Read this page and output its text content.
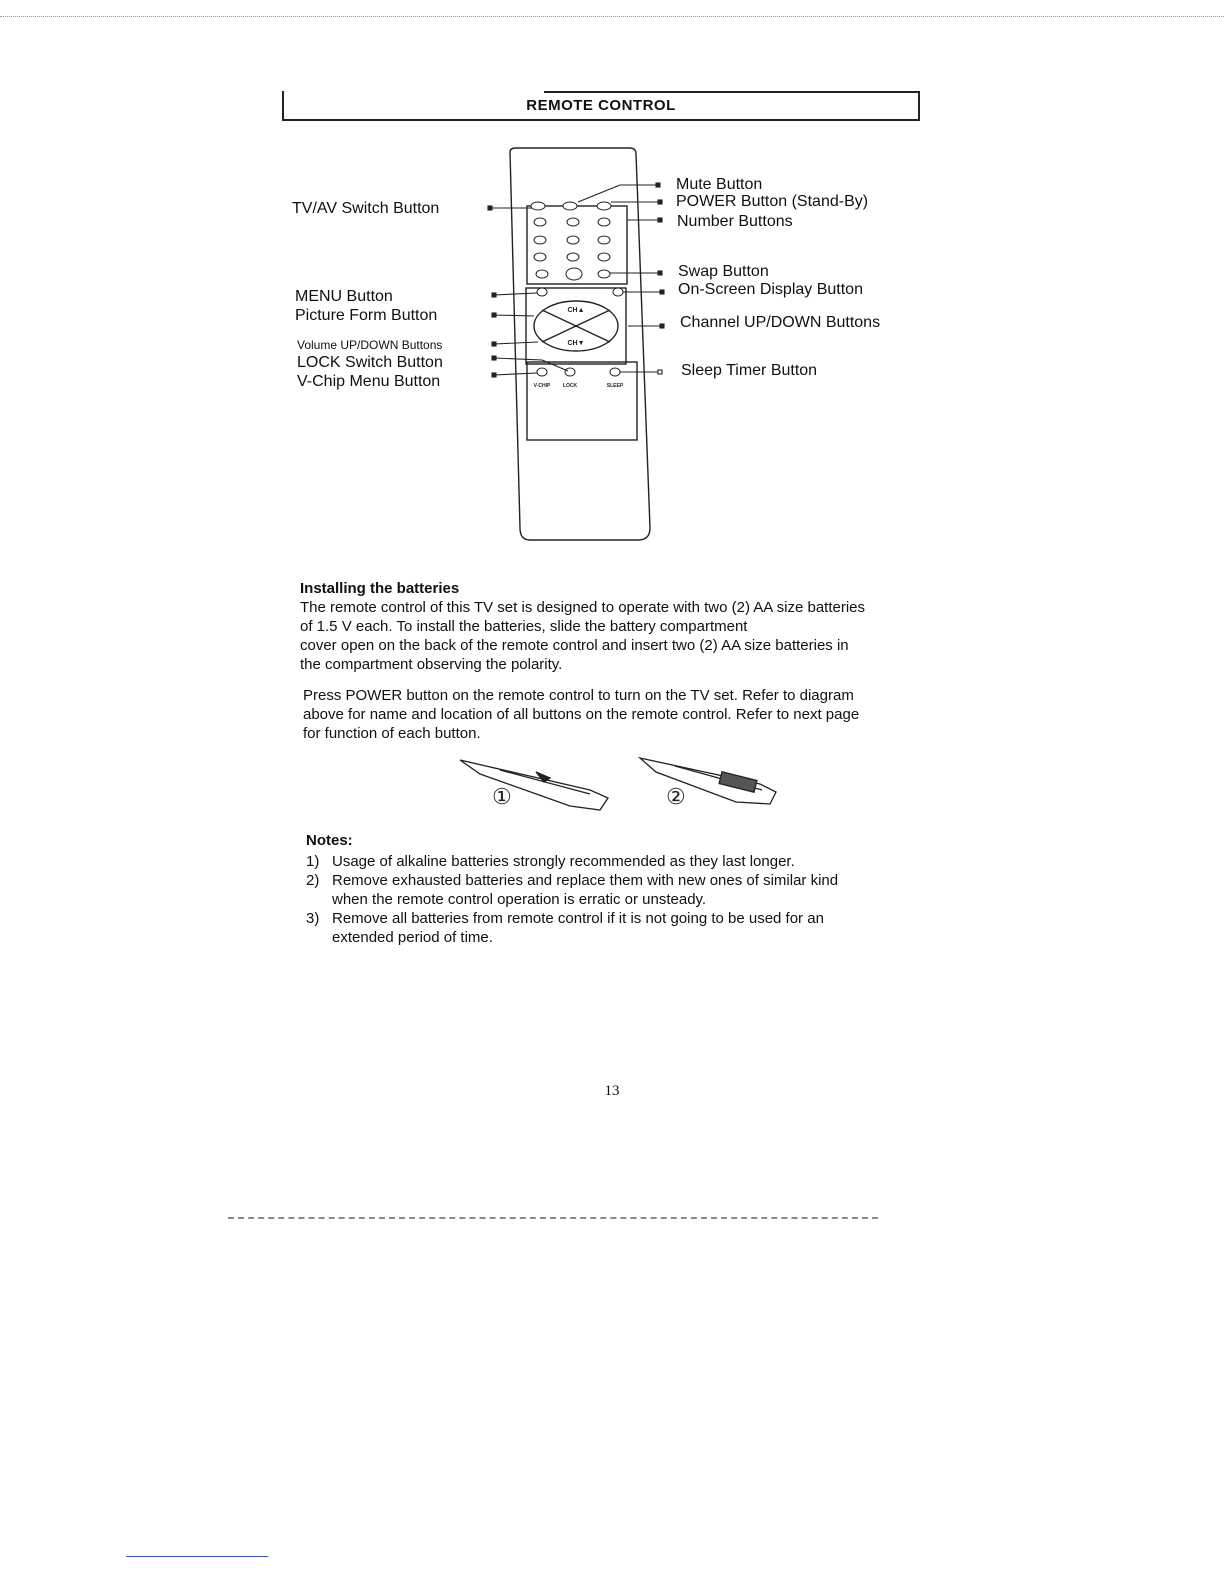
REMOTE CONTROL
TV/AV Switch Button
MENU Button
Picture Form Button
Volume UP/DOWN Buttons
LOCK Switch Button
V-Chip Menu Button
Mute Button
POWER Button (Stand-By)
Number Buttons
Swap Button
On-Screen Display Button
Channel UP/DOWN Buttons
Sleep Timer Button
CH▲
CH▼
V-CHIP	LOCK	SLEEP
Installing the batteries

The remote control of this TV set is designed to operate with two (2) AA size batteries

of 1.5 V each. To install the batteries, slide the battery compartment

cover open on the back of the remote control and insert two (2) AA size batteries in

the compartment observing the polarity.

Press POWER button on the remote control to turn on the TV set. Refer to diagram

above for name and location of all buttons on the remote control. Refer to next page

for function of each button.

①	②
Notes:
1) Usage of alkaline batteries strongly recommended as they last longer.
2) Remove exhausted batteries and replace them with new ones of similar kind
when the remote control operation is erratic or unsteady.
3) Remove all batteries from remote control if it is not going to be used for an
extended period of time.
13
